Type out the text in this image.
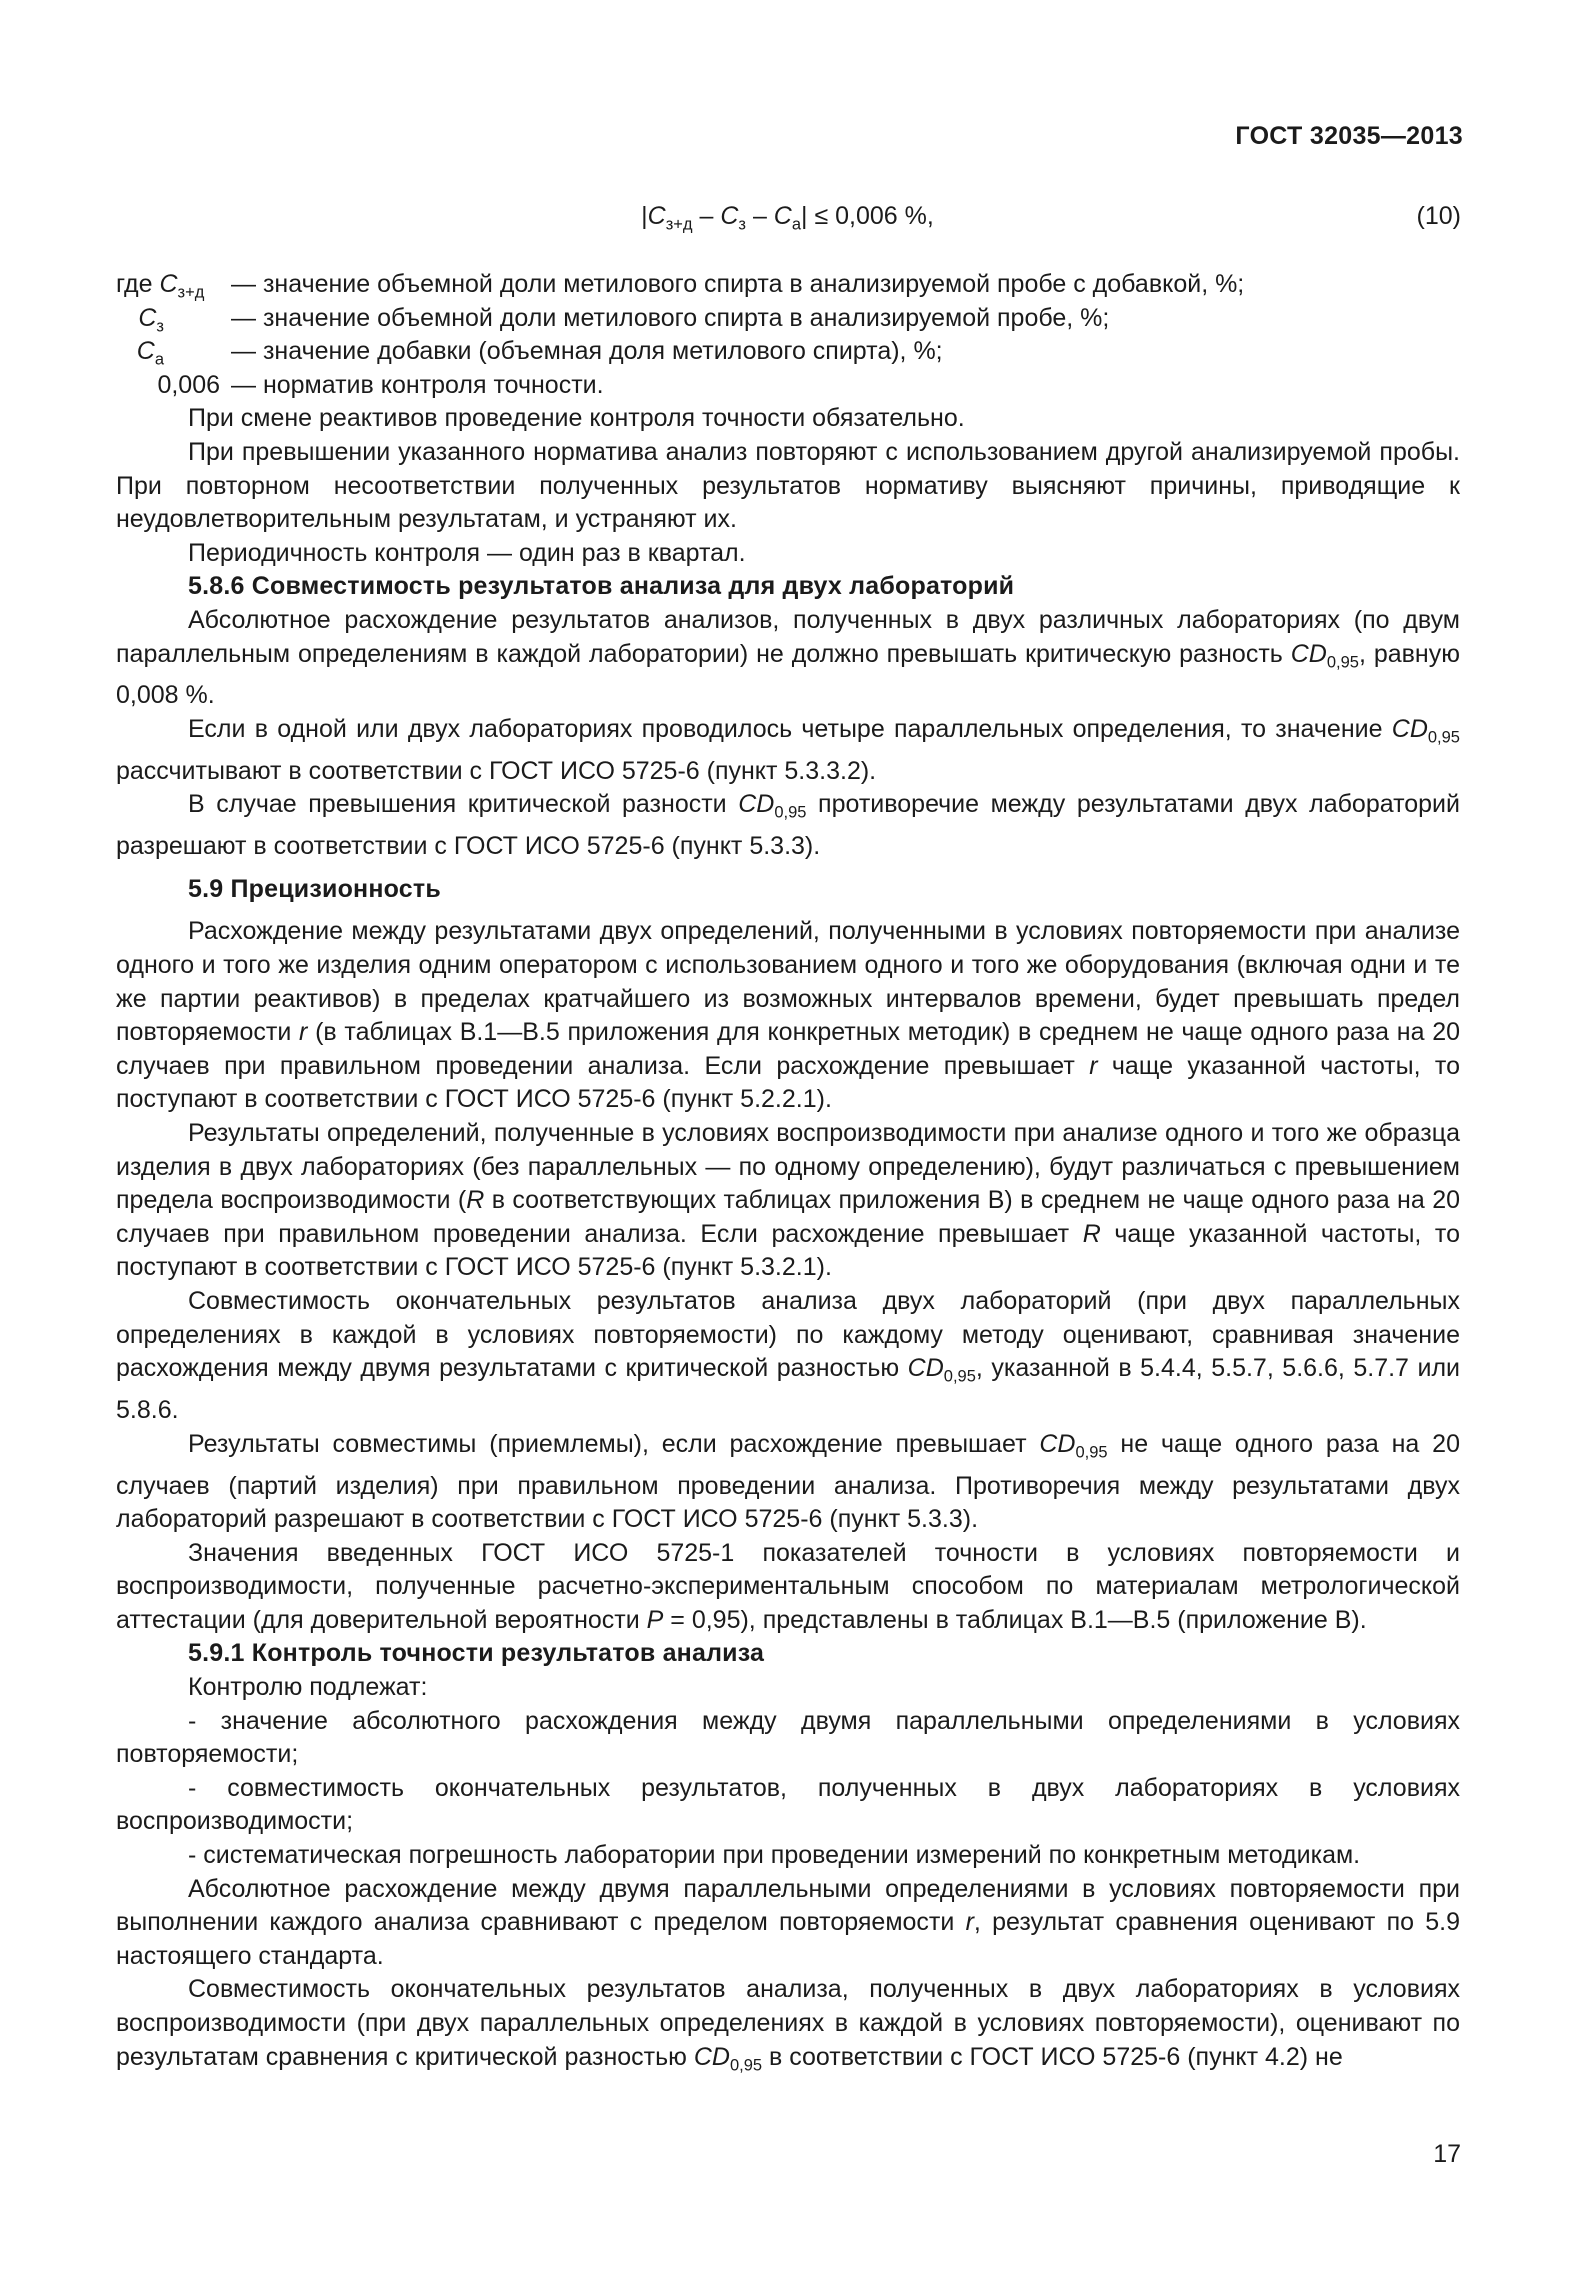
ГОСТ 32035—2013
$|C_{з+д} - C_з - C_a| \le 0,006$ %,	(10)
где $C_{з+д}$	— значение объемной доли метилового спирта в анализируемой пробе с добавкой, %;
$C_з$	— значение объемной доли метилового спирта в анализируемой пробе, %;
$C_a$	— значение добавки (объемная доля метилового спирта), %;
0,006 — норматив контроля точности.

При смене реактивов проведение контроля точности обязательно.

При превышении указанного норматива анализ повторяют с использованием другой анализируемой пробы. При повторном несоответствии полученных результатов нормативу выясняют причины, приводящие к неудовлетворительным результатам, и устраняют их.

Периодичность контроля — один раз в квартал.

5.8.6 Совместимость результатов анализа для двух лабораторий

Абсолютное расхождение результатов анализов, полученных в двух различных лабораториях (по двум параллельным определениям в каждой лаборатории) не должно превышать критическую разность $CD_{0,95}$, равную 0,008 %.

Если в одной или двух лабораториях проводилось четыре параллельных определения, то значение $CD_{0,95}$ рассчитывают в соответствии с ГОСТ ИСО 5725-6 (пункт 5.3.3.2).

В случае превышения критической разности $CD_{0,95}$ противоречие между результатами двух лабораторий разрешают в соответствии с ГОСТ ИСО 5725-6 (пункт 5.3.3).

5.9 Прецизионность

Расхождение между результатами двух определений, полученными в условиях повторяемости при анализе одного и того же изделия одним оператором с использованием одного и того же оборудования (включая одни и те же партии реактивов) в пределах кратчайшего из возможных интервалов времени, будет превышать предел повторяемости r (в таблицах В.1—В.5 приложения для конкретных методик) в среднем не чаще одного раза на 20 случаев при правильном проведении анализа. Если расхождение превышает r чаще указанной частоты, то поступают в соответствии с ГОСТ ИСО 5725-6 (пункт 5.2.2.1).

Результаты определений, полученные в условиях воспроизводимости при анализе одного и того же образца изделия в двух лабораториях (без параллельных — по одному определению), будут различаться с превышением предела воспроизводимости (R в соответствующих таблицах приложения В) в среднем не чаще одного раза на 20 случаев при правильном проведении анализа. Если расхождение превышает R чаще указанной частоты, то поступают в соответствии с ГОСТ ИСО 5725-6 (пункт 5.3.2.1).

Совместимость окончательных результатов анализа двух лабораторий (при двух параллельных определениях в каждой в условиях повторяемости) по каждому методу оценивают, сравнивая значение расхождения между двумя результатами с критической разностью $CD_{0,95}$, указанной в 5.4.4, 5.5.7, 5.6.6, 5.7.7 или 5.8.6.

Результаты совместимы (приемлемы), если расхождение превышает $CD_{0,95}$ не чаще одного раза на 20 случаев (партий изделия) при правильном проведении анализа. Противоречия между результатами двух лабораторий разрешают в соответствии с ГОСТ ИСО 5725-6 (пункт 5.3.3).

Значения введенных ГОСТ ИСО 5725-1 показателей точности в условиях повторяемости и воспроизводимости, полученные расчетно-экспериментальным способом по материалам метрологической аттестации (для доверительной вероятности P = 0,95), представлены в таблицах В.1—В.5 (приложение В).

5.9.1 Контроль точности результатов анализа

Контролю подлежат:

- значение абсолютного расхождения между двумя параллельными определениями в условиях повторяемости;

- совместимость окончательных результатов, полученных в двух лабораториях в условиях воспроизводимости;

- систематическая погрешность лаборатории при проведении измерений по конкретным методикам.

Абсолютное расхождение между двумя параллельными определениями в условиях повторяемости при выполнении каждого анализа сравнивают с пределом повторяемости r, результат сравнения оценивают по 5.9 настоящего стандарта.

Совместимость окончательных результатов анализа, полученных в двух лабораториях в условиях воспроизводимости (при двух параллельных определениях в каждой в условиях повторяемости), оценивают по результатам сравнения с критической разностью $CD_{0,95}$ в соответствии с ГОСТ ИСО 5725-6 (пункт 4.2) не

17
